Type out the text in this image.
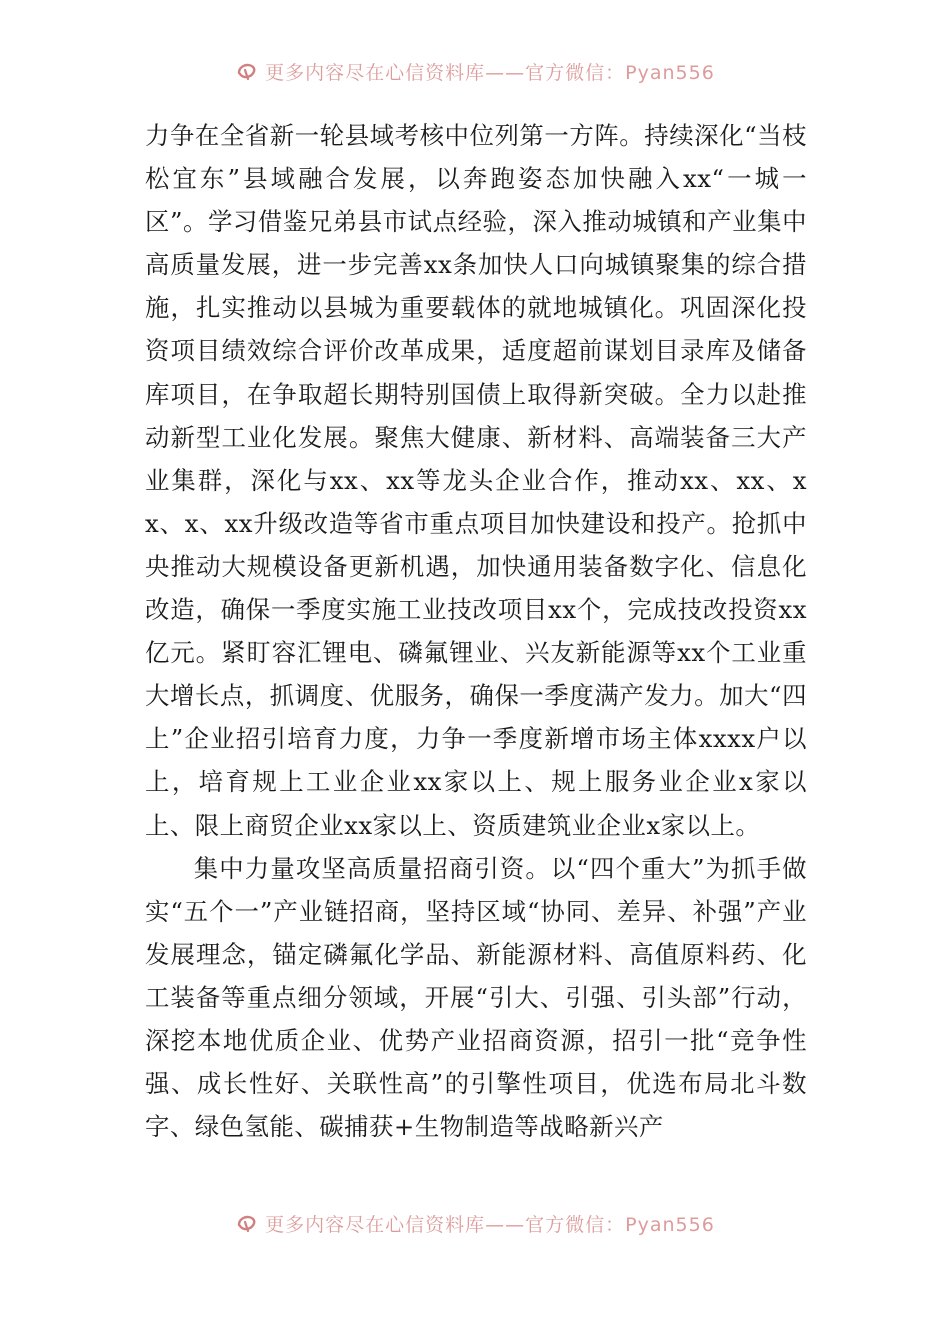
更多内容尽在心信资料库——官方微信：Pyan556

力争在全省新一轮县域考核中位列第一方阵。持续深化“当枝松宜东”县域融合发展，以奔跑姿态加快融入xx“一城一区”。学习借鉴兄弟县市试点经验，深入推动城镇和产业集中高质量发展，进一步完善xx条加快人口向城镇聚集的综合措施，扎实推动以县城为重要载体的就地城镇化。巩固深化投资项目绩效综合评价改革成果，适度超前谋划目录库及储备库项目，在争取超长期特别国债上取得新突破。全力以赴推动新型工业化发展。聚焦大健康、新材料、高端装备三大产业集群，深化与xx、xx等龙头企业合作，推动xx、xx、xx、x、xx升级改造等省市重点项目加快建设和投产。抢抓中央推动大规模设备更新机遇，加快通用装备数字化、信息化改造，确保一季度实施工业技改项目xx个，完成技改投资xx亿元。紧盯容汇锂电、磷氟锂业、兴友新能源等xx个工业重大增长点，抓调度、优服务，确保一季度满产发力。加大“四上”企业招引培育力度，力争一季度新增市场主体xxxx户以上，培育规上工业企业xx家以上、规上服务业企业x家以上、限上商贸企业xx家以上、资质建筑业企业x家以上。

集中力量攻坚高质量招商引资。以“四个重大”为抓手做实“五个一”产业链招商，坚持区域“协同、差异、补强”产业发展理念，锚定磷氟化学品、新能源材料、高值原料药、化工装备等重点细分领域，开展“引大、引强、引头部”行动，深挖本地优质企业、优势产业招商资源，招引一批“竞争性强、成长性好、关联性高”的引擎性项目，优选布局北斗数字、绿色氢能、碳捕获+生物制造等战略新兴产

更多内容尽在心信资料库——官方微信：Pyan556
